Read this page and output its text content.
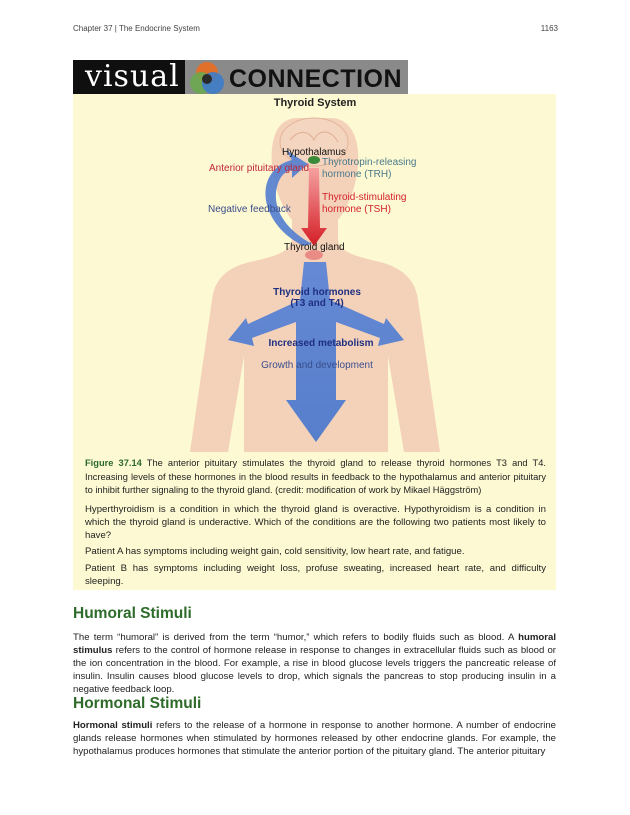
Chapter 37 | The Endocrine System	1163
visual CONNECTION
Thyroid System
Hypothalamus
Anterior pituitary gland
Thyrotropin-releasing
hormone (TRH)
Negative feedback
Thyroid-stimulating
hormone (TSH)
Thyroid gland
Thyroid hormones
(T3 and T4)
Increased metabolism
Growth and development
Figure 37.14 The anterior pituitary stimulates the thyroid gland to release thyroid hormones T3 and T4. Increasing levels of these hormones in the blood results in feedback to the hypothalamus and anterior pituitary to inhibit further signaling to the thyroid gland. (credit: modification of work by Mikael Häggström)
Hyperthyroidism is a condition in which the thyroid gland is overactive. Hypothyroidism is a condition in which the thyroid gland is underactive. Which of the conditions are the following two patients most likely to have?
Patient A has symptoms including weight gain, cold sensitivity, low heart rate, and fatigue.
Patient B has symptoms including weight loss, profuse sweating, increased heart rate, and difficulty sleeping.
Humoral Stimuli

The term “humoral” is derived from the term “humor,” which refers to bodily fluids such as blood. A humoral stimulus refers to the control of hormone release in response to changes in extracellular fluids such as blood or the ion concentration in the blood. For example, a rise in blood glucose levels triggers the pancreatic release of insulin. Insulin causes blood glucose levels to drop, which signals the pancreas to stop producing insulin in a negative feedback loop.

Hormonal Stimuli

Hormonal stimuli refers to the release of a hormone in response to another hormone. A number of endocrine glands release hormones when stimulated by hormones released by other endocrine glands. For example, the hypothalamus produces hormones that stimulate the anterior portion of the pituitary gland. The anterior pituitary
